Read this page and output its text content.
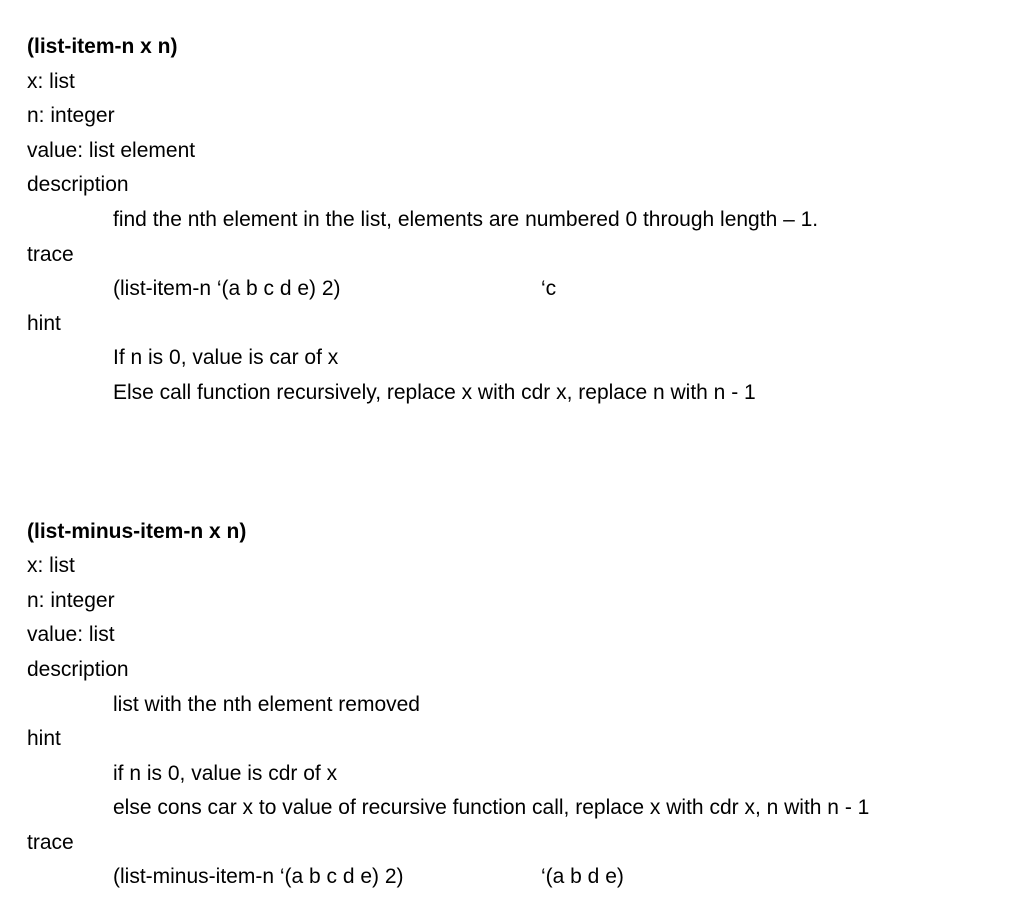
(list-item-n x n)
x: list
n: integer
value: list element
description
find the nth element in the list, elements are numbered 0 through length – 1.
trace
(list-item-n ‘(a b c d e) 2)	‘c
hint
If n is 0, value is car of x
Else call function recursively, replace x with cdr x, replace n with n - 1
(list-minus-item-n x n)
x: list
n: integer
value: list
description
list with the nth element removed
hint
if n is 0, value is cdr of x
else cons car x to value of recursive function call, replace x with cdr x, n with n - 1
trace
(list-minus-item-n ‘(a b c d e) 2)	‘(a b d e)
